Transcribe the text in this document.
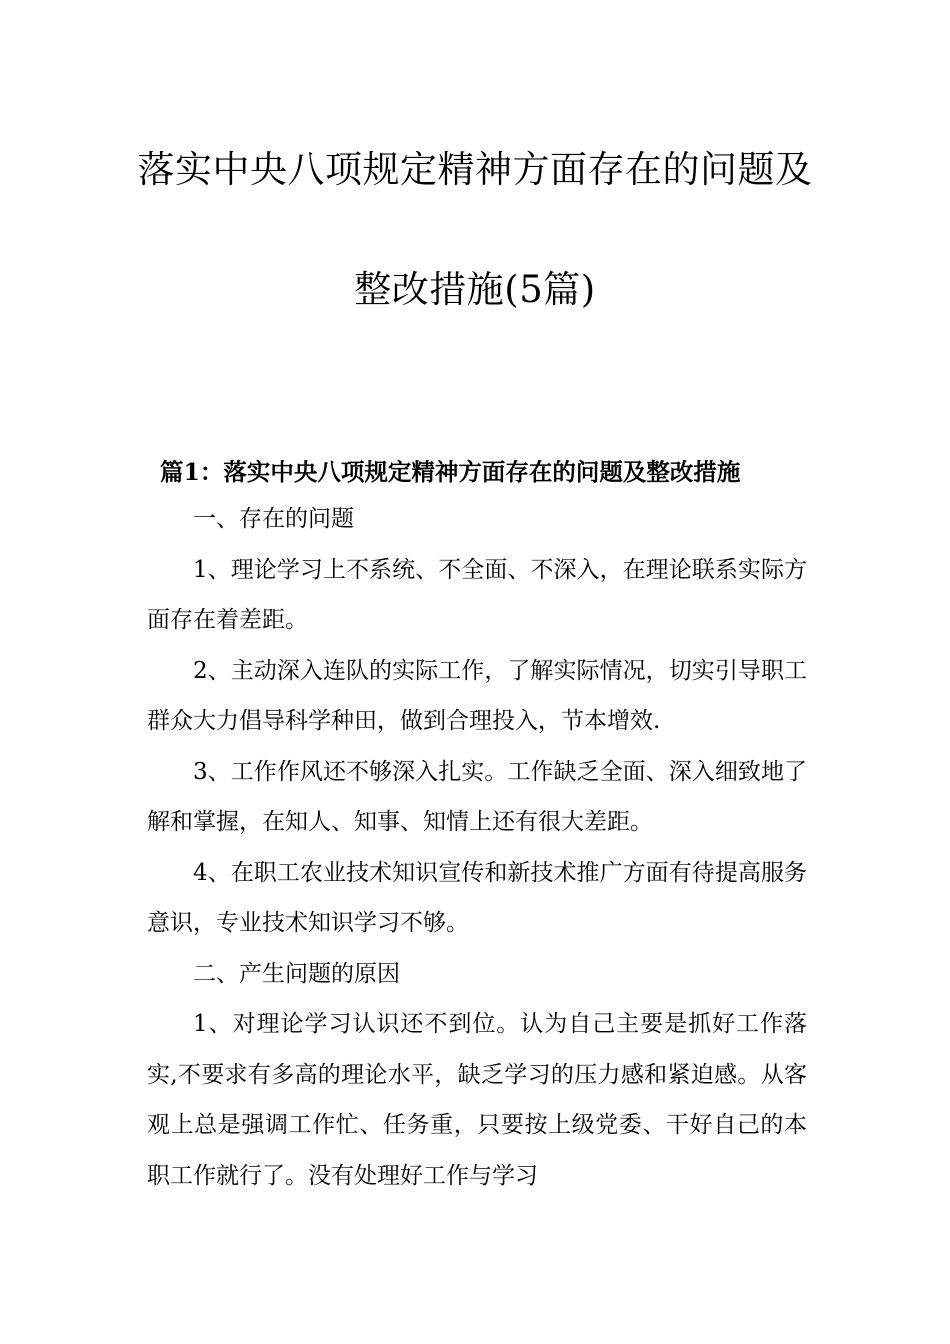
落实中央八项规定精神方面存在的问题及
整改措施(5篇)
篇1：落实中央八项规定精神方面存在的问题及整改措施

一、存在的问题

1、理论学习上不系统、不全面、不深入，在理论联系实际方面存在着差距。

2、主动深入连队的实际工作，了解实际情况，切实引导职工群众大力倡导科学种田，做到合理投入，节本增效.

3、工作作风还不够深入扎实。工作缺乏全面、深入细致地了解和掌握，在知人、知事、知情上还有很大差距。

4、在职工农业技术知识宣传和新技术推广方面有待提高服务意识，专业技术知识学习不够。

二、产生问题的原因

1、对理论学习认识还不到位。认为自己主要是抓好工作落实,不要求有多高的理论水平，缺乏学习的压力感和紧迫感。从客观上总是强调工作忙、任务重，只要按上级党委、干好自己的本职工作就行了。没有处理好工作与学习
